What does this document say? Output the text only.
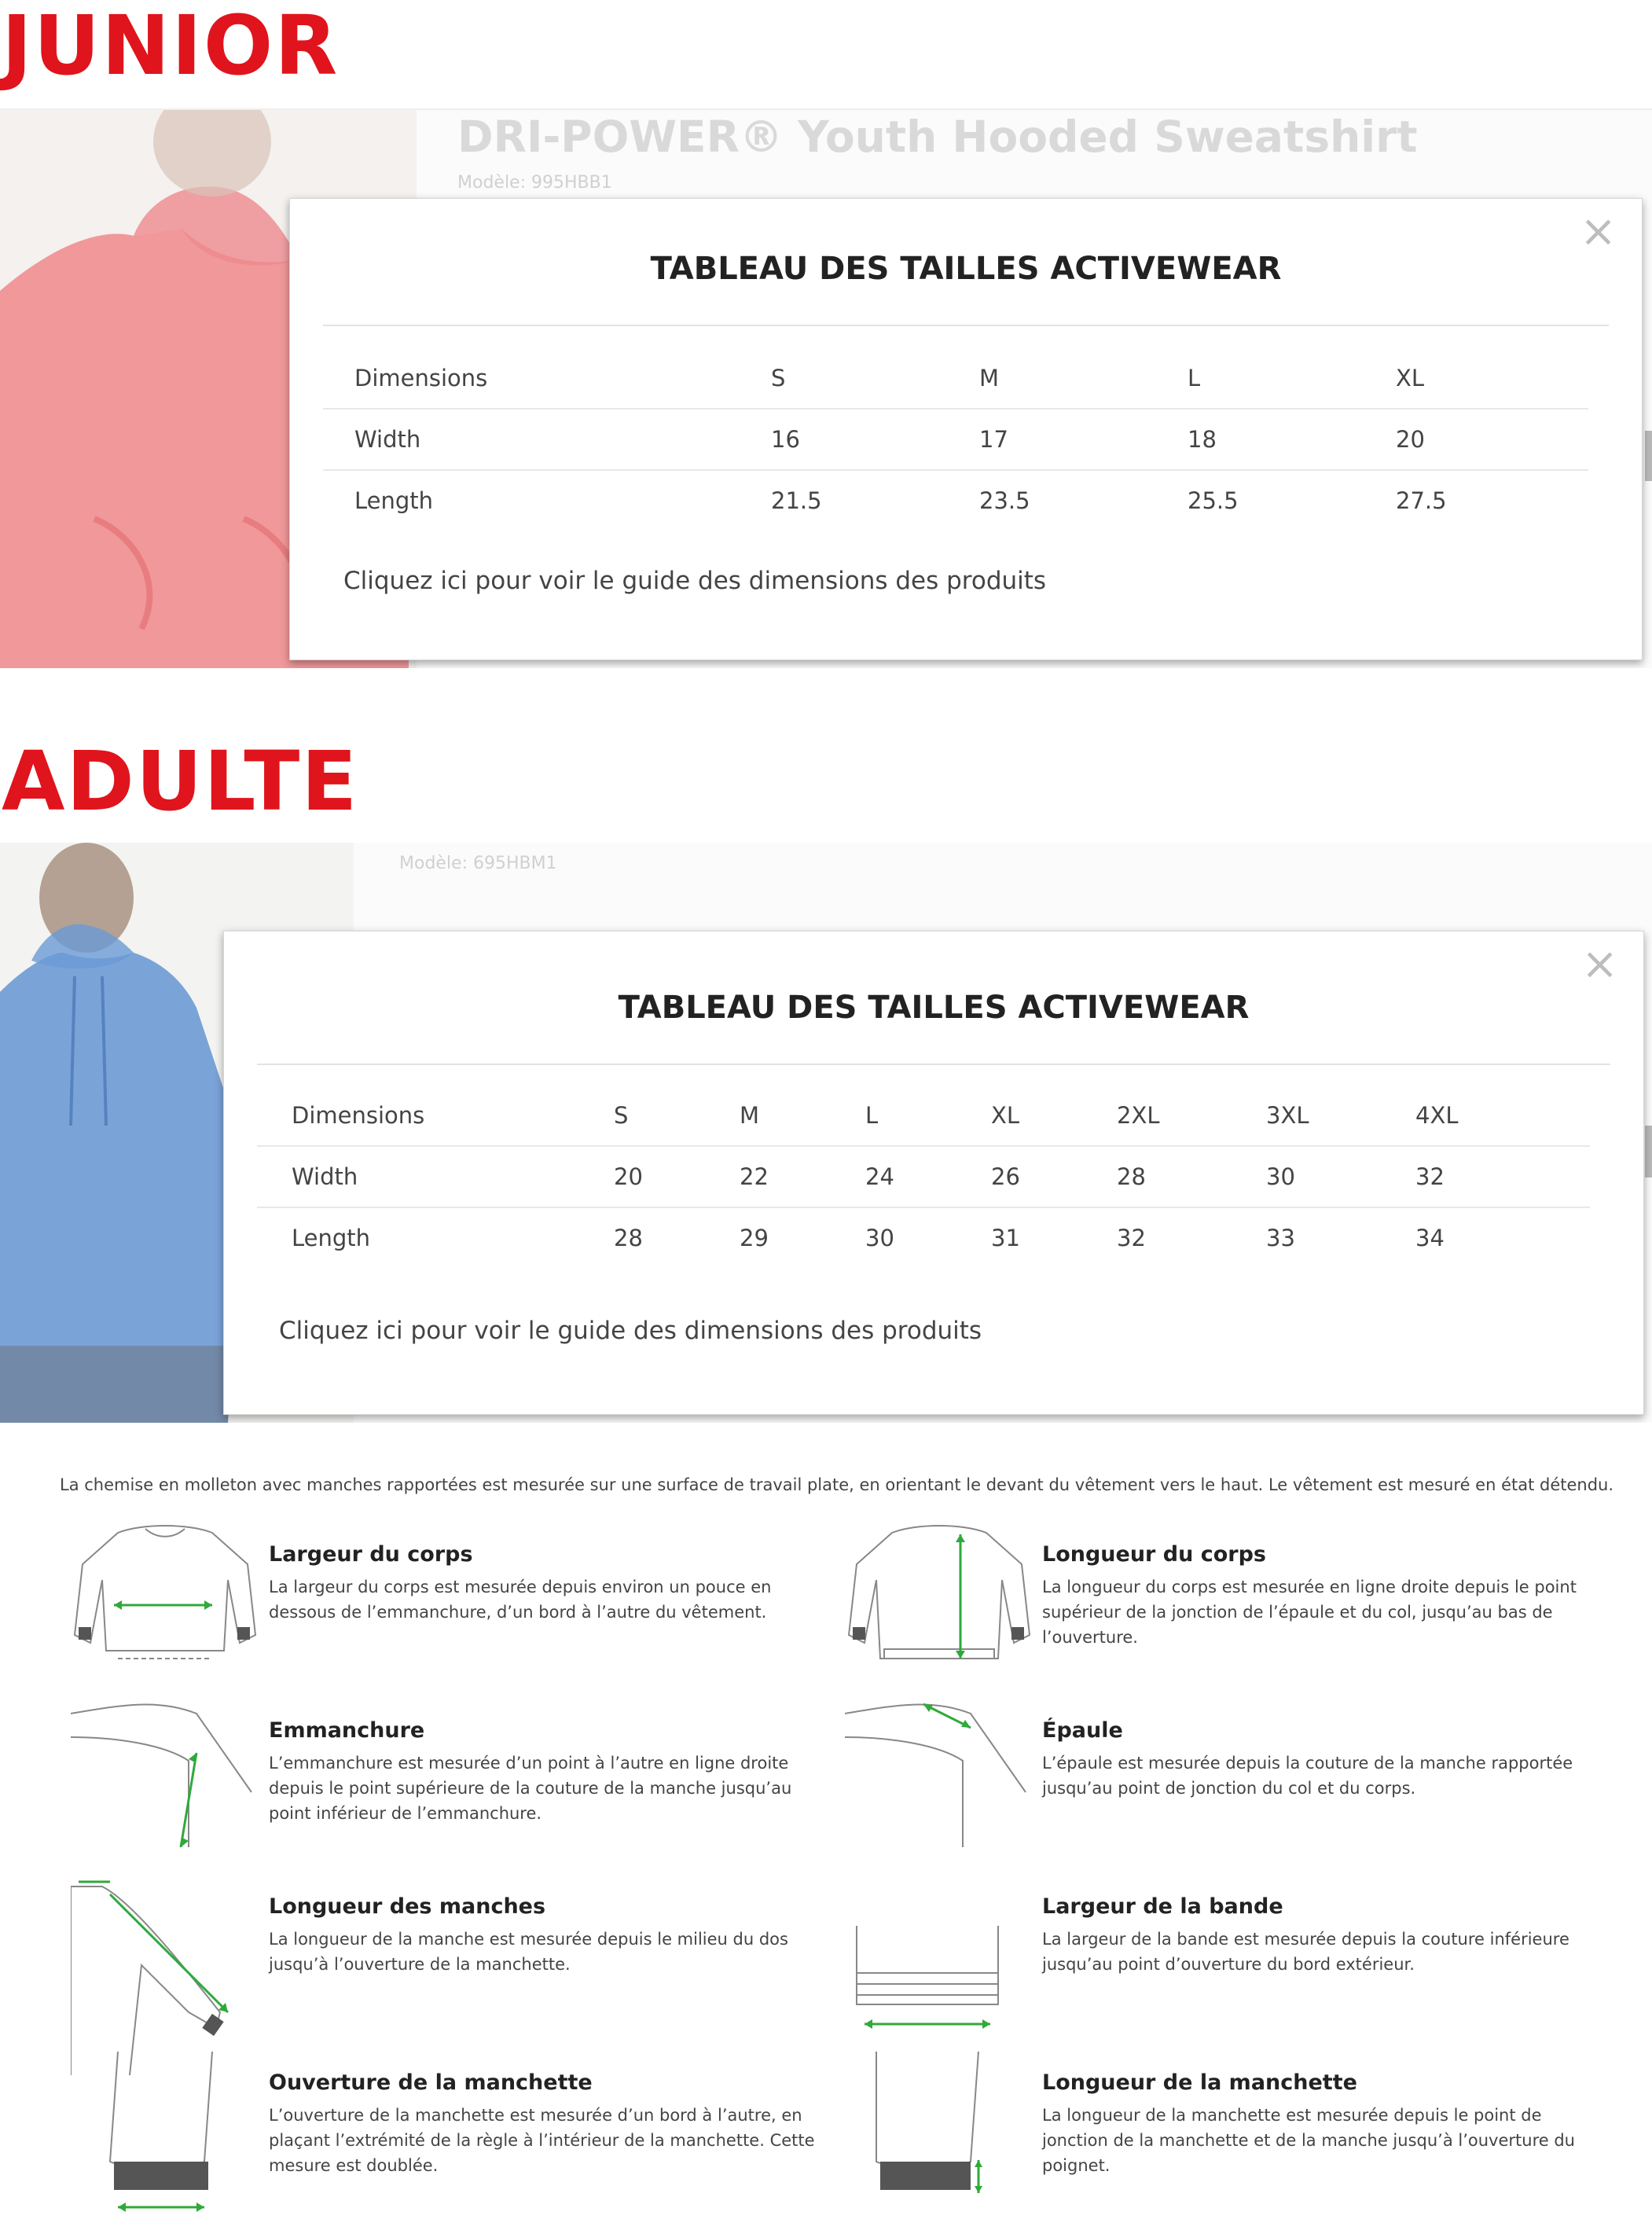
JUNIOR
DRI-POWER® Youth Hooded Sweatshirt
Modèle: 995HBB1
×
TABLEAU DES TAILLES ACTIVEWEAR
Dimensions	S	M	L	XL
Width	16	17	18	20
Length	21.5	23.5	25.5	27.5
Cliquez ici pour voir le guide des dimensions des produits
ADULTE
Modèle: 695HBM1
×
TABLEAU DES TAILLES ACTIVEWEAR
Dimensions	S	M	L	XL	2XL	3XL	4XL
Width	20	22	24	26	28	30	32
Length	28	29	30	31	32	33	34
Cliquez ici pour voir le guide des dimensions des produits
La chemise en molleton avec manches rapportées est mesurée sur une surface de travail plate, en orientant le devant du vêtement vers le haut. Le vêtement est mesuré en état détendu.

Largeur du corps

La largeur du corps est mesurée depuis environ un pouce en dessous de l’emmanchure, d’un bord à l’autre du vêtement.

Longueur du corps

La longueur du corps est mesurée en ligne droite depuis le point supérieur de la jonction de l’épaule et du col, jusqu’au bas de l’ouverture.

Emmanchure

L’emmanchure est mesurée d’un point à l’autre en ligne droite depuis le point supérieure de la couture de la manche jusqu’au point inférieur de l’emmanchure.

Épaule

L’épaule est mesurée depuis la couture de la manche rapportée jusqu’au point de jonction du col et du corps.

Longueur des manches

La longueur de la manche est mesurée depuis le milieu du dos jusqu’à l’ouverture de la manchette.

Largeur de la bande

La largeur de la bande est mesurée depuis la couture inférieure jusqu’au point d’ouverture du bord extérieur.

Ouverture de la manchette

L’ouverture de la manchette est mesurée d’un bord à l’autre, en plaçant l’extrémité de la règle à l’intérieur de la manchette. Cette mesure est doublée.

Longueur de la manchette

La longueur de la manchette est mesurée depuis le point de jonction de la manchette et de la manche jusqu’à l’ouverture du poignet.
